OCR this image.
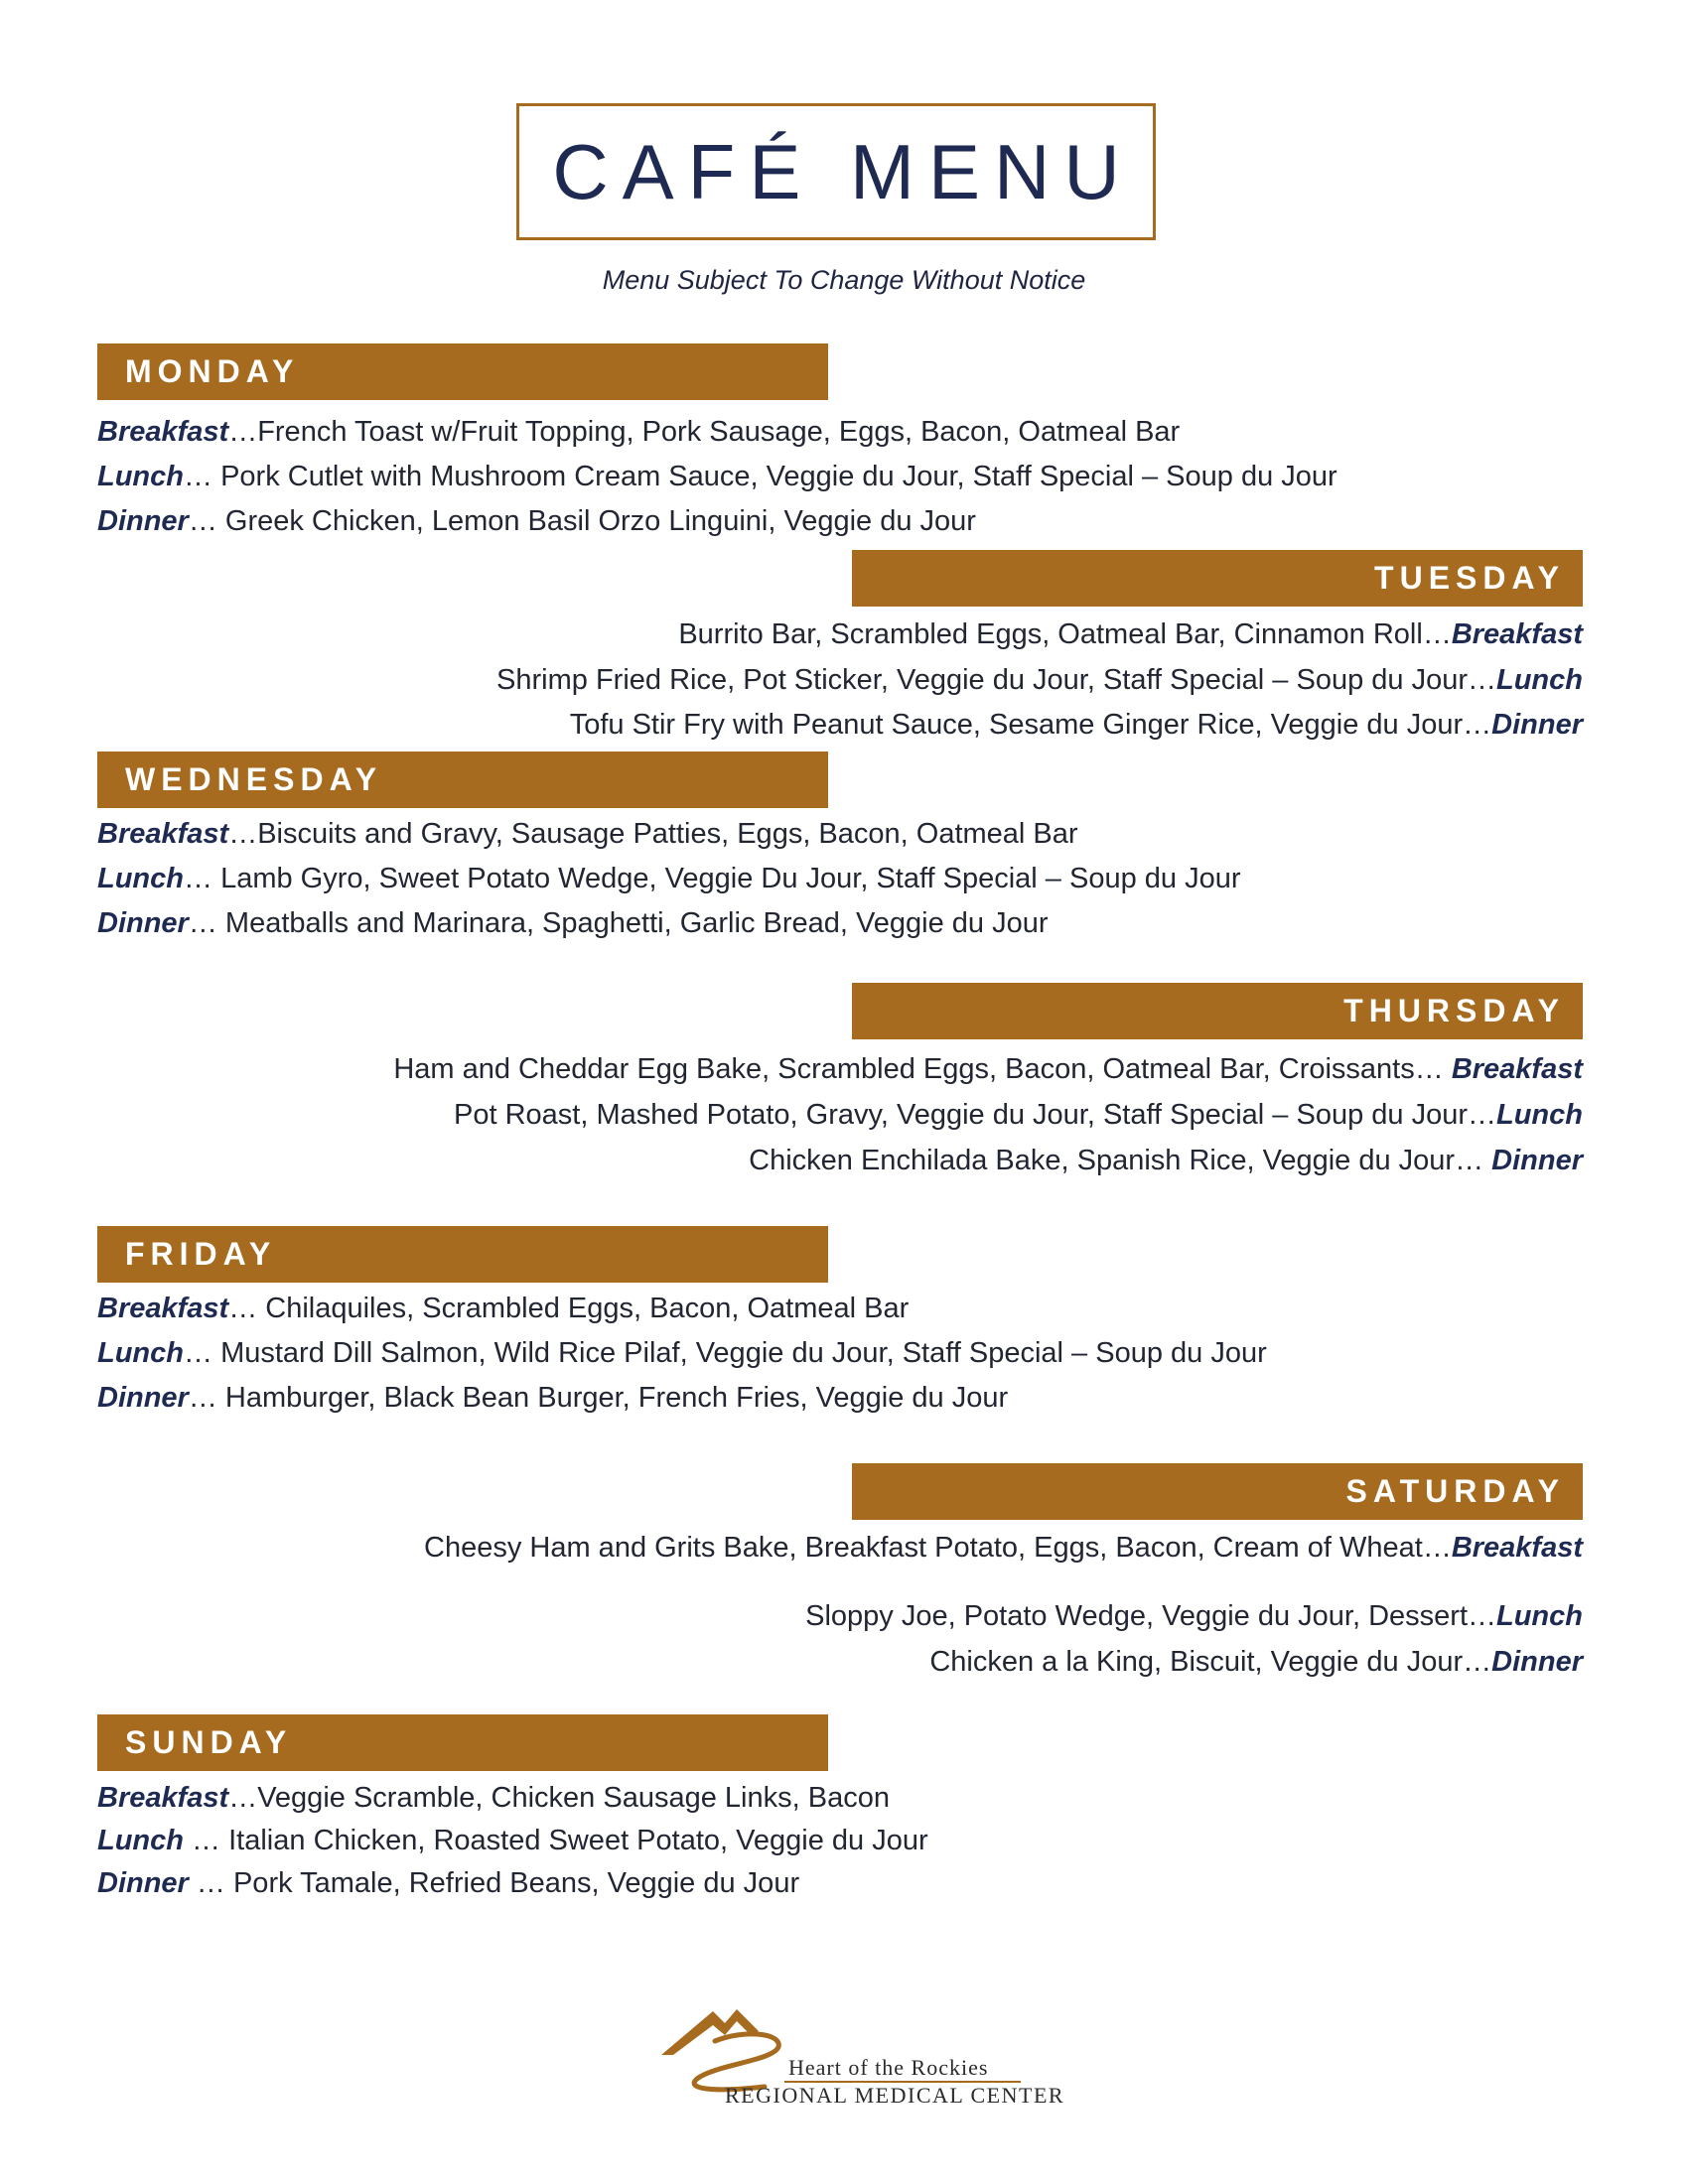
CAFÉ MENU
Menu Subject To Change Without Notice
MONDAY
Breakfast…French Toast w/Fruit Topping, Pork Sausage, Eggs, Bacon, Oatmeal Bar
Lunch… Pork Cutlet with Mushroom Cream Sauce, Veggie du Jour, Staff Special – Soup du Jour
Dinner… Greek Chicken, Lemon Basil Orzo Linguini, Veggie du Jour
TUESDAY
Burrito Bar, Scrambled Eggs, Oatmeal Bar, Cinnamon Roll…Breakfast
Shrimp Fried Rice, Pot Sticker, Veggie du Jour, Staff Special – Soup du Jour…Lunch
Tofu Stir Fry with Peanut Sauce, Sesame Ginger Rice, Veggie du Jour…Dinner
WEDNESDAY
Breakfast…Biscuits and Gravy, Sausage Patties, Eggs, Bacon, Oatmeal Bar
Lunch… Lamb Gyro, Sweet Potato Wedge, Veggie Du Jour, Staff Special – Soup du Jour
Dinner… Meatballs and Marinara, Spaghetti, Garlic Bread, Veggie du Jour
THURSDAY
Ham and Cheddar Egg Bake, Scrambled Eggs, Bacon, Oatmeal Bar, Croissants… Breakfast
Pot Roast, Mashed Potato, Gravy, Veggie du Jour, Staff Special – Soup du Jour…Lunch
Chicken Enchilada Bake, Spanish Rice, Veggie du Jour… Dinner
FRIDAY
Breakfast… Chilaquiles, Scrambled Eggs, Bacon, Oatmeal Bar
Lunch… Mustard Dill Salmon, Wild Rice Pilaf, Veggie du Jour, Staff Special – Soup du Jour
Dinner… Hamburger, Black Bean Burger, French Fries, Veggie du Jour
SATURDAY
Cheesy Ham and Grits Bake, Breakfast Potato, Eggs, Bacon, Cream of Wheat…Breakfast
Sloppy Joe, Potato Wedge, Veggie du Jour, Dessert…Lunch
Chicken a la King, Biscuit, Veggie du Jour…Dinner
SUNDAY
Breakfast…Veggie Scramble, Chicken Sausage Links, Bacon
Lunch … Italian Chicken, Roasted Sweet Potato, Veggie du Jour
Dinner … Pork Tamale, Refried Beans, Veggie du Jour
Heart of the Rockies
REGIONAL MEDICAL CENTER
